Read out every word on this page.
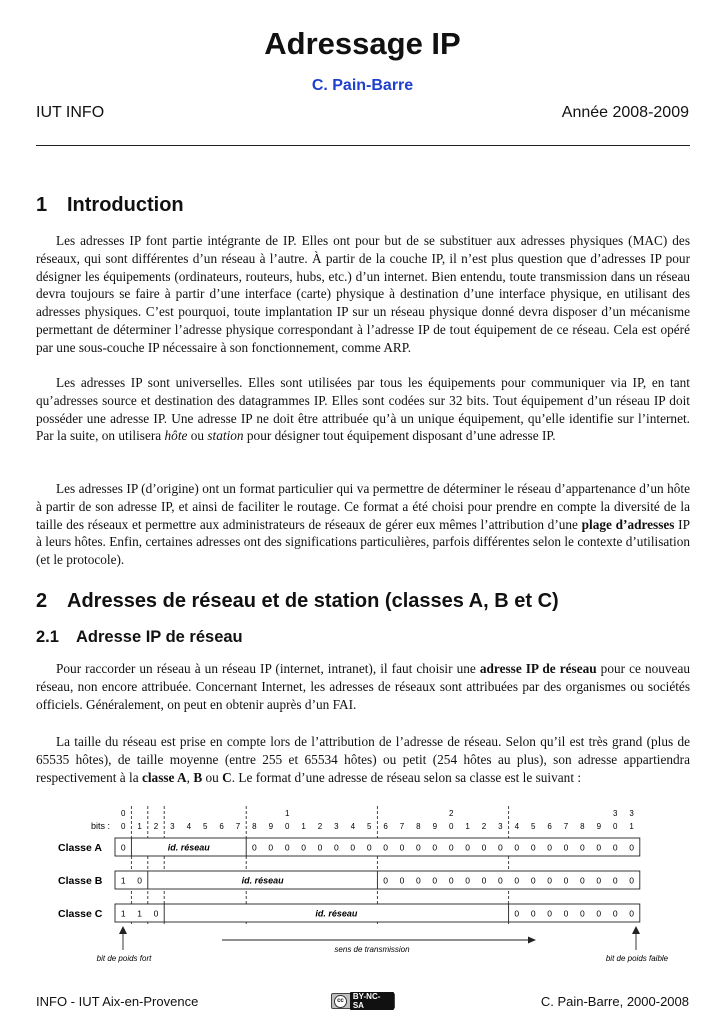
Adressage IP
C. Pain-Barre
IUT INFO	Année 2008-2009
1 Introduction

Les adresses IP font partie intégrante de IP. Elles ont pour but de se substituer aux adresses physiques (MAC) des réseaux, qui sont différentes d’un réseau à l’autre. À partir de la couche IP, il n’est plus question que d’adresses IP pour désigner les équipements (ordinateurs, routeurs, hubs, etc.) d’un internet. Bien entendu, toute transmission dans un réseau devra toujours se faire à partir d’une interface (carte) physique à destination d’une interface physique, en utilisant des adresses physiques. C’est pourquoi, toute implantation IP sur un réseau physique donné devra disposer d’un mécanisme permettant de déterminer l’adresse physique correspondant à l’adresse IP de tout équipement de ce réseau. Cela est opéré par une sous-couche IP nécessaire à son fonctionnement, comme ARP.

Les adresses IP sont universelles. Elles sont utilisées par tous les équipements pour communiquer via IP, en tant qu’adresses source et destination des datagrammes IP. Elles sont codées sur 32 bits. Tout équipement d’un réseau IP doit posséder une adresse IP. Une adresse IP ne doit être attribuée qu’à un unique équipement, qu’elle identifie sur l’internet. Par la suite, on utilisera hôte ou station pour désigner tout équipement disposant d’une adresse IP.

Les adresses IP (d’origine) ont un format particulier qui va permettre de déterminer le réseau d’appartenance d’un hôte à partir de son adresse IP, et ainsi de faciliter le routage. Ce format a été choisi pour prendre en compte la diversité de la taille des réseaux et permettre aux administrateurs de réseaux de gérer eux mêmes l’attribution d’une plage d’adresses IP à leurs hôtes. Enfin, certaines adresses ont des significations particulières, parfois différentes selon le contexte d’utilisation (et le protocole).

2 Adresses de réseau et de station (classes A, B et C)
2.1 Adresse IP de réseau

Pour raccorder un réseau à un réseau IP (internet, intranet), il faut choisir une adresse IP de réseau pour ce nouveau réseau, non encore attribuée. Concernant Internet, les adresses de réseaux sont attribuées par des organismes ou sociétés officiels. Généralement, on peut en obtenir auprès d’un FAI.

La taille du réseau est prise en compte lors de l’attribution de l’adresse de réseau. Selon qu’il est très grand (plus de 65535 hôtes), de taille moyenne (entre 255 et 65534 hôtes) ou petit (254 hôtes au plus), son adresse appartiendra respectivement à la classe A, B ou C. Le format d’une adresse de réseau selon sa classe est le suivant :

bits :
0	1	2	3 3
0 1 2 3 4 5 6 7 8 9 0 1 2 3 4 5 6 7 8 9 0 1 2 3 4 5 6 7 8 9 0 1
Classe A 0	id. réseau	0 0 0 0 0 0 0 0 0 0 0 0 0 0 0 0 0 0 0 0 0 0 0 0
Classe B 1 0	id. réseau	0 0 0 0 0 0 0 0 0 0 0 0 0 0 0 0
Classe C 1 1 0	id. réseau	0 0 0 0 0 0 0 0
sens de transmission
bit de poids fort	bit de poids faible
INFO - IUT Aix-en-Provence	cc	BY-NC-SA	C. Pain-Barre, 2000-2008
